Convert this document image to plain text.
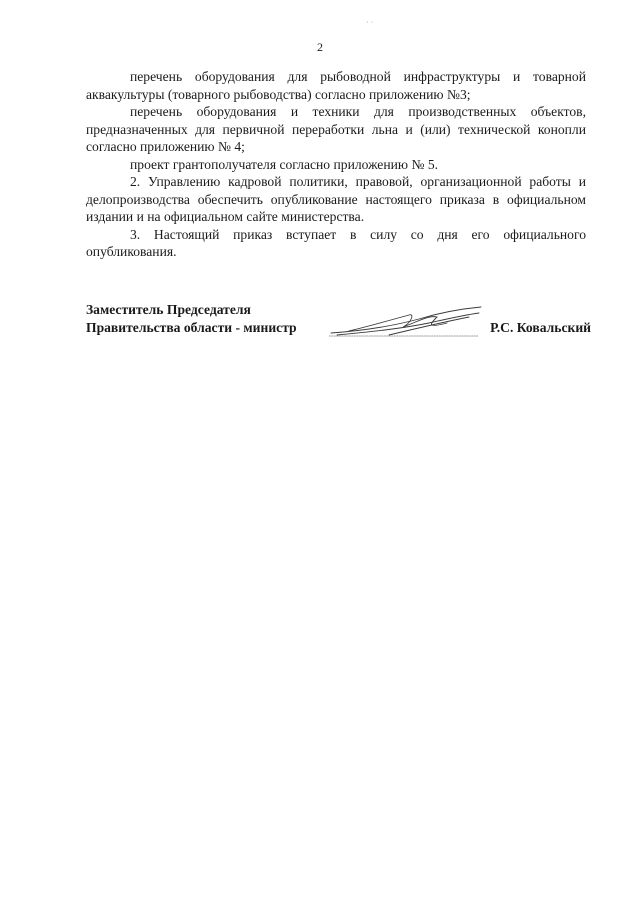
· ·
2

перечень оборудования для рыбоводной инфраструктуры и товарной аквакультуры (товарного рыбоводства) согласно приложению №3;

перечень оборудования и техники для производственных объектов, предназначенных для первичной переработки льна и (или) технической конопли согласно приложению № 4;

проект грантополучателя согласно приложению № 5.

2. Управлению кадровой политики, правовой, организационной работы и делопроизводства обеспечить опубликование настоящего приказа в официальном издании и на официальном сайте министерства.

3. Настоящий приказ вступает в силу со дня его официального опубликования.

Заместитель Председателя
Правительства области - министр	Р.С. Ковальский
